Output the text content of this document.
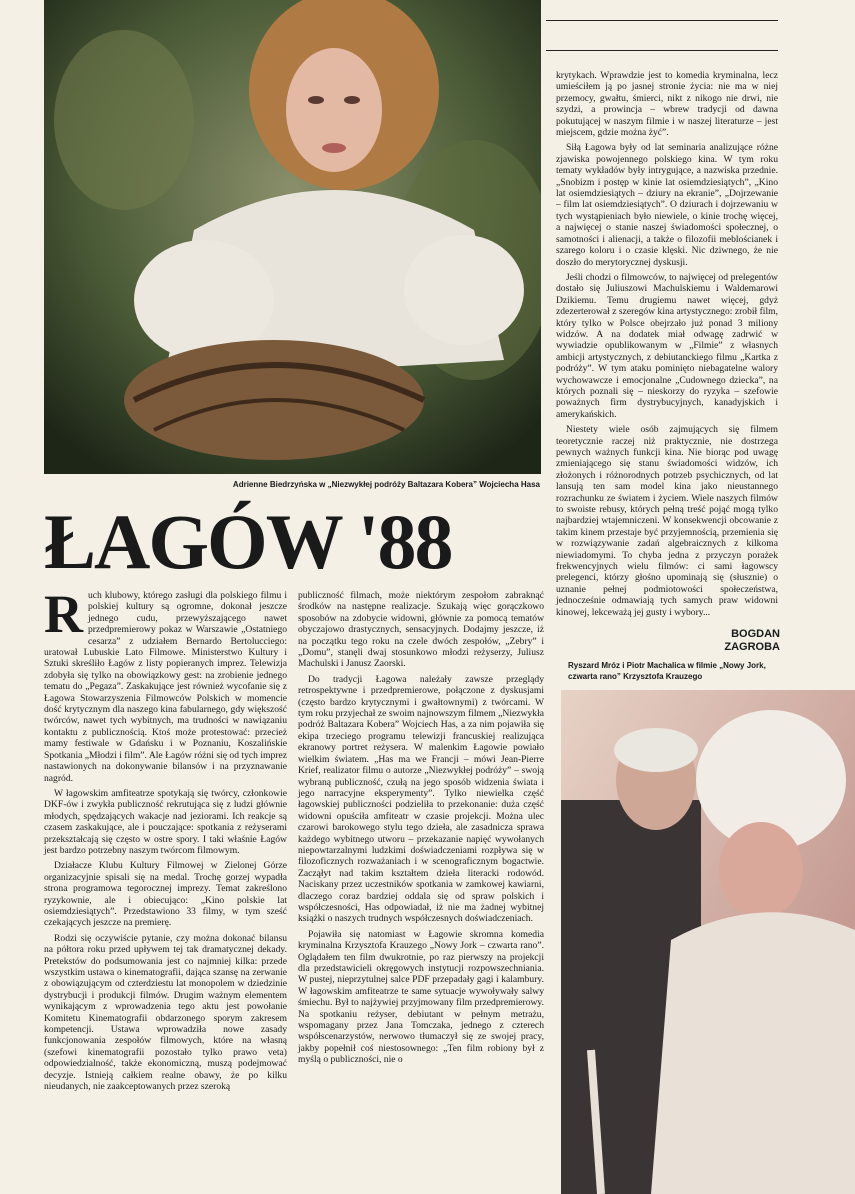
Adrienne Biedrzyńska w „Niezwykłej podróży Baltazara Kobera” Wojciecha Hasa
ŁAGÓW '88

Ruch klubowy, którego zasługi dla polskiego filmu i polskiej kultury są ogromne, dokonał jeszcze jednego cudu, przewyższającego nawet przedpremierowy pokaz w Warszawie „Ostatniego cesarza” z udziałem Bernardo Bertolucciego: uratował Lubuskie Lato Filmowe. Ministerstwo Kultury i Sztuki skreśliło Łagów z listy popieranych imprez. Telewizja zdobyła się tylko na obowiązkowy gest: na zrobienie jednego tematu do „Pegaza”. Zaskakujące jest również wycofanie się z Łagowa Stowarzyszenia Filmowców Polskich w momencie dość krytycznym dla naszego kina fabularnego, gdy większość twórców, nawet tych wybitnych, ma trudności w nawiązaniu kontaktu z publicznością. Ktoś może protestować: przecież mamy festiwale w Gdańsku i w Poznaniu, Koszalińskie Spotkania „Młodzi i film”. Ale Łagów różni się od tych imprez nastawionych na dokonywanie bilansów i na przyznawanie nagród.

W łagowskim amfiteatrze spotykają się twórcy, członkowie DKF-ów i zwykła publiczność rekrutująca się z ludzi głównie młodych, spędzających wakacje nad jeziorami. Ich reakcje są czasem zaskakujące, ale i pouczające: spotkania z reżyserami przekształcają się często w ostre spory. I taki właśnie Łagów jest bardzo potrzebny naszym twórcom filmowym.

Działacze Klubu Kultury Filmowej w Zielonej Górze organizacyjnie spisali się na medal. Trochę gorzej wypadła strona programowa tegorocznej imprezy. Temat zakreślono ryzykownie, ale i obiecująco: „Kino polskie lat osiemdziesiątych”. Przedstawiono 33 filmy, w tym sześć czekających jeszcze na premierę.

Rodzi się oczywiście pytanie, czy można dokonać bilansu na półtora roku przed upływem tej tak dramatycznej dekady. Pretekstów do podsumowania jest co najmniej kilka: przede wszystkim ustawa o kinematografii, dająca szansę na zerwanie z obowiązującym od czterdziestu lat monopolem w dziedzinie dystrybucji i produkcji filmów. Drugim ważnym elementem wynikającym z wprowadzenia tego aktu jest powołanie Komitetu Kinematografii obdarzonego sporym zakresem kompetencji. Ustawa wprowadziła nowe zasady funkcjonowania zespołów filmowych, które na własną (szefowi kinematografii pozostało tylko prawo veta) odpowiedzialność, także ekonomiczną, muszą podejmować decyzje. Istnieją całkiem realne obawy, że po kilku nieudanych, nie zaakceptowanych przez szeroką

publiczność filmach, może niektórym zespołom zabraknąć środków na następne realizacje. Szukają więc gorączkowo sposobów na zdobycie widowni, głównie za pomocą tematów obyczajowo drastycznych, sensacyjnych. Dodajmy jeszcze, iż na początku tego roku na czele dwóch zespołów, „Zebry” i „Domu”, stanęli dwaj stosunkowo młodzi reżyserzy, Juliusz Machulski i Janusz Zaorski.

Do tradycji Łagowa należały zawsze przeglądy retrospektywne i przedpremierowe, połączone z dyskusjami (często bardzo krytycznymi i gwałtownymi) z twórcami. W tym roku przyjechał ze swoim najnowszym filmem „Niezwykła podróż Baltazara Kobera” Wojciech Has, a za nim pojawiła się ekipa trzeciego programu telewizji francuskiej realizująca ekranowy portret reżysera. W malenkim Łagowie powiało wielkim światem. „Has ma we Francji – mówi Jean-Pierre Krief, realizator filmu o autorze „Niezwykłej podróży” – swoją wybraną publiczność, czułą na jego sposób widzenia świata i jego narracyjne eksperymenty”. Tylko niewielka część łagowskiej publiczności podzieliła to przekonanie: duża część widowni opuściła amfiteatr w czasie projekcji. Można ulec czarowi barokowego stylu tego dzieła, ale zasadnicza sprawa każdego wybitnego utworu – przekazanie napięć wywołanych niepowtarzalnymi ludzkimi doświadczeniami rozpływa się w filozoficznych rozważaniach i w scenograficznym bogactwie. Zacząłyt nad takim kształtem dzieła literacki rodowód. Naciskany przez uczestników spotkania w zamkowej kawiarni, dlaczego coraz bardziej oddala się od spraw polskich i współczesności, Has odpowiadał, iż nie ma żadnej wybitnej książki o naszych trudnych współczesnych doświadczeniach.

Pojawiła się natomiast w Łagowie skromna komedia kryminalna Krzysztofa Krauzego „Nowy Jork – czwarta rano”. Oglądałem ten film dwukrotnie, po raz pierwszy na projekcji dla przedstawicieli okręgowych instytucji rozpowszechniania. W pustej, nieprzytulnej salce PDF przepadały gagi i kalambury. W łagowskim amfiteatrze te same sytuacje wywoływały salwy śmiechu. Był to najżywiej przyjmowany film przedpremierowy. Na spotkaniu reżyser, debiutant w pełnym metrażu, wspomagany przez Jana Tomczaka, jednego z czterech współscenarzystów, nerwowo tłumaczył się ze swojej pracy, jakby popełnił coś niestosownego: „Ten film robiony był z myślą o publiczności, nie o

krytykach. Wprawdzie jest to komedia kryminalna, lecz umieściłem ją po jasnej stronie życia: nie ma w niej przemocy, gwałtu, śmierci, nikt z nikogo nie drwi, nie szydzi, a prowincja – wbrew tradycji od dawna pokutującej w naszym filmie i w naszej literaturze – jest miejscem, gdzie można żyć”.

Siłą Łagowa były od lat seminaria analizujące różne zjawiska powojennego polskiego kina. W tym roku tematy wykładów były intrygujące, a nazwiska przednie. „Snobizm i postęp w kinie lat osiemdziesiątych”, „Kino lat osiemdziesiątych – dziury na ekranie”, „Dojrzewanie – film lat osiemdziesiątych”. O dziurach i dojrzewaniu w tych wystąpieniach było niewiele, o kinie trochę więcej, a najwięcej o stanie naszej świadomości społecznej, o samotności i alienacji, a także o filozofii meblościanek i szarego koloru i o czasie klęski. Nic dziwnego, że nie doszło do merytorycznej dyskusji.

Jeśli chodzi o filmowców, to najwięcej od prelegentów dostało się Juliuszowi Machulskiemu i Waldemarowi Dzikiemu. Temu drugiemu nawet więcej, gdyż zdezerterował z szeregów kina artystycznego: zrobił film, który tylko w Polsce obejrzało już ponad 3 miliony widzów. A na dodatek miał odwagę zadrwić w wywiadzie opublikowanym w „Filmie” z własnych ambicji artystycznych, z debiutanckiego filmu „Kartka z podróży”. W tym ataku pominięto niebagatelne walory wychowawcze i emocjonalne „Cudownego dziecka”, na których poznali się – nieskorzy do ryzyka – szefowie poważnych firm dystrybucyjnych, kanadyjskich i amerykańskich.

Niestety wiele osób zajmujących się filmem teoretycznie raczej niż praktycznie, nie dostrzega pewnych ważnych funkcji kina. Nie biorąc pod uwagę zmieniającego się stanu świadomości widzów, ich złożonych i różnorodnych potrzeb psychicznych, od lat lansują ten sam model kina jako nieustannego rozrachunku ze światem i życiem. Wiele naszych filmów to swoiste rebusy, których pełną treść pojąć mogą tylko najbardziej wtajemniczeni. W konsekwencji obcowanie z takim kinem przestaje być przyjemnością, przemienia się w rozwiązywanie zadań algebraicznych z kilkoma niewiadomymi. To chyba jedna z przyczyn porażek frekwencyjnych wielu filmów: ci sami łagowscy prelegenci, którzy głośno upominają się (słusznie) o uznanie pełnej podmiotowości społeczeństwa, jednocześnie odmawiają tych samych praw widowni kinowej, lekceważą jej gusty i wybory...

BOGDAN
ZAGROBA
Ryszard Mróz i Piotr Machalica w filmie „Nowy Jork,
czwarta rano” Krzysztofa Krauzego
